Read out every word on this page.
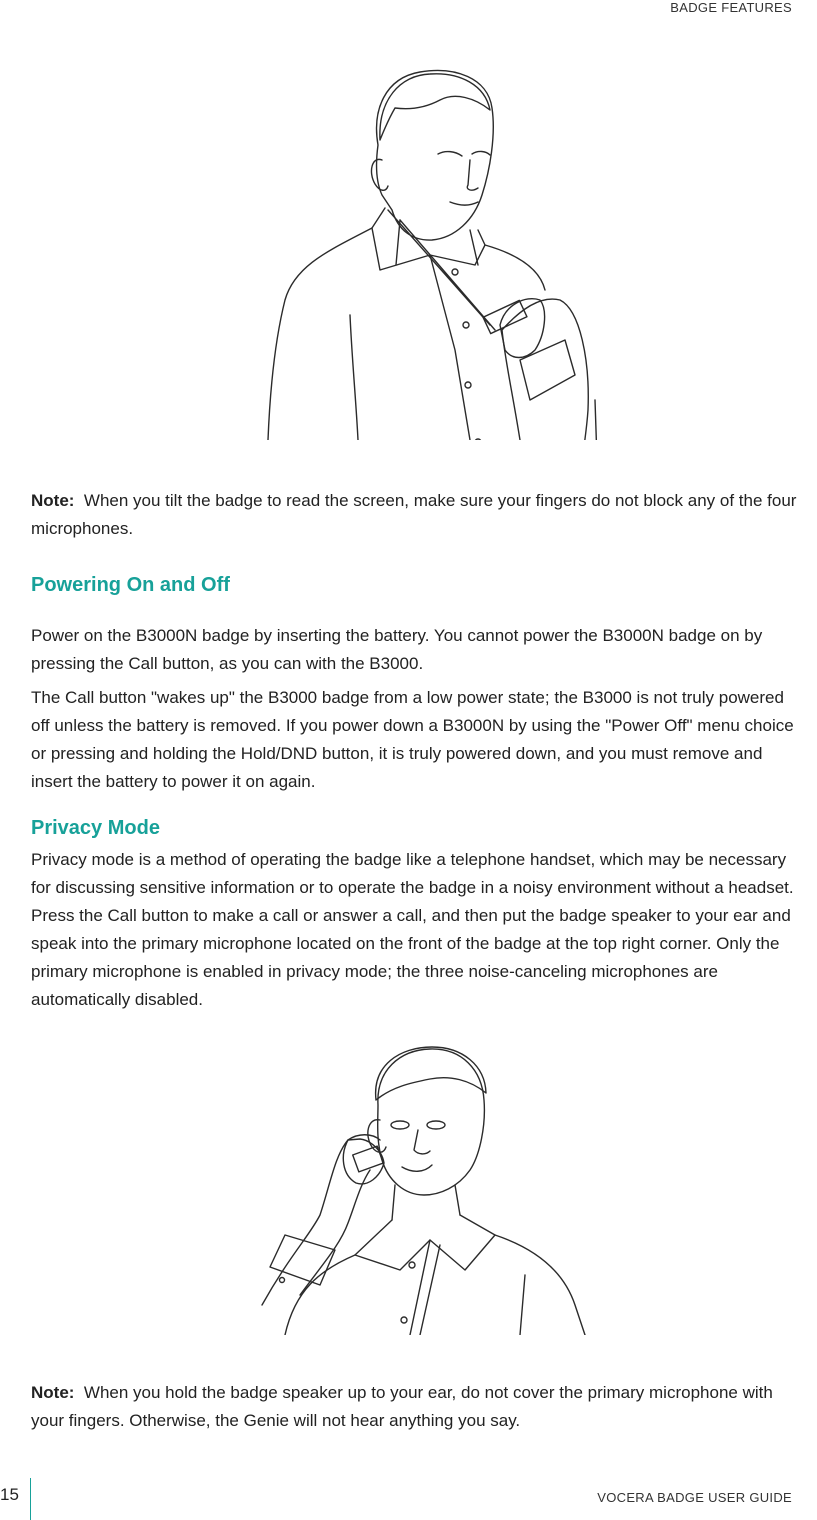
BADGE FEATURES

Note: When you tilt the badge to read the screen, make sure your fingers do not block any of the four microphones.

Powering On and Off

Power on the B3000N badge by inserting the battery. You cannot power the B3000N badge on by pressing the Call button, as you can with the B3000.

The Call button "wakes up" the B3000 badge from a low power state; the B3000 is not truly powered off unless the battery is removed. If you power down a B3000N by using the "Power Off" menu choice or pressing and holding the Hold/DND button, it is truly powered down, and you must remove and insert the battery to power it on again.

Privacy Mode

Privacy mode is a method of operating the badge like a telephone handset, which may be necessary for discussing sensitive information or to operate the badge in a noisy environment without a headset. Press the Call button to make a call or answer a call, and then put the badge speaker to your ear and speak into the primary microphone located on the front of the badge at the top right corner. Only the primary microphone is enabled in privacy mode; the three noise-canceling microphones are automatically disabled.

Note: When you hold the badge speaker up to your ear, do not cover the primary microphone with your fingers. Otherwise, the Genie will not hear anything you say.

15	VOCERA BADGE USER GUIDE
